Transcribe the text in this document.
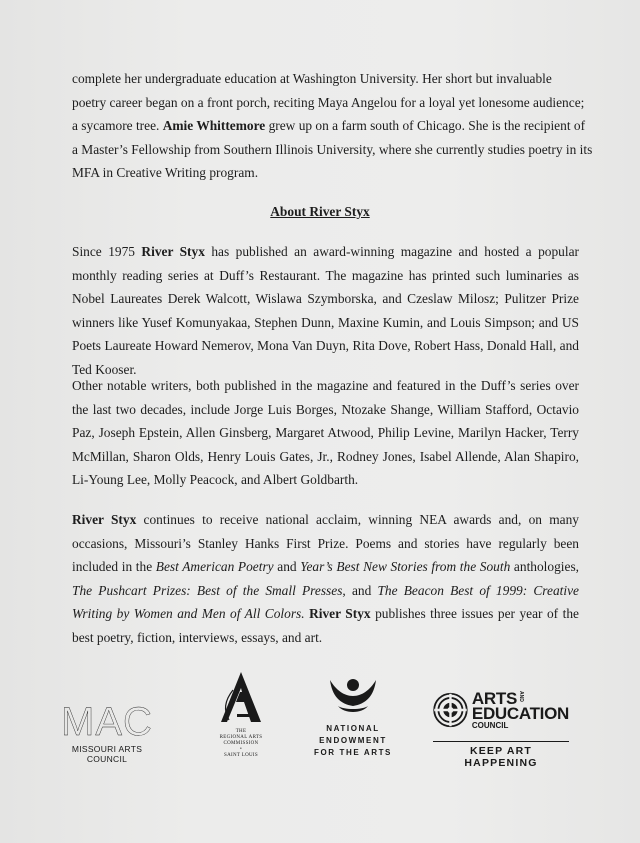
complete her undergraduate education at Washington University. Her short but invaluable
poetry career began on a front porch, reciting Maya Angelou for a loyal yet lonesome audience;
a sycamore tree. Amie Whittemore grew up on a farm south of Chicago. She is the recipient of
a Master’s Fellowship from Southern Illinois University, where she currently studies poetry in its
MFA in Creative Writing program.
About River Styx

Since 1975 River Styx has published an award-winning magazine and hosted a popular monthly reading series at Duff’s Restaurant. The magazine has printed such luminaries as Nobel Laureates Derek Walcott, Wislawa Szymborska, and Czeslaw Milosz; Pulitzer Prize winners like Yusef Komunyakaa, Stephen Dunn, Maxine Kumin, and Louis Simpson; and US Poets Laureate Howard Nemerov, Mona Van Duyn, Rita Dove, Robert Hass, Donald Hall, and Ted Kooser.

Other notable writers, both published in the magazine and featured in the Duff’s series over the last two decades, include Jorge Luis Borges, Ntozake Shange, William Stafford, Octavio Paz, Joseph Epstein, Allen Ginsberg, Margaret Atwood, Philip Levine, Marilyn Hacker, Terry McMillan, Sharon Olds, Henry Louis Gates, Jr., Rodney Jones, Isabel Allende, Alan Shapiro, Li-Young Lee, Molly Peacock, and Albert Goldbarth.

River Styx continues to receive national acclaim, winning NEA awards and, on many occasions, Missouri’s Stanley Hanks First Prize. Poems and stories have regularly been included in the Best American Poetry and Year’s Best New Stories from the South anthologies, The Pushcart Prizes: Best of the Small Presses, and The Beacon Best of 1999: Creative Writing by Women and Men of All Colors. River Styx publishes three issues per year of the best poetry, fiction, interviews, essays, and art.

MAC
MISSOURI ARTS COUNCIL
THE
REGIONAL ARTS
COMMISSION
•
SAINT LOUIS
NATIONAL
ENDOWMENT
FOR THE ARTS
ARTS AND
EDUCATION
COUNCIL
KEEP ART HAPPENING
